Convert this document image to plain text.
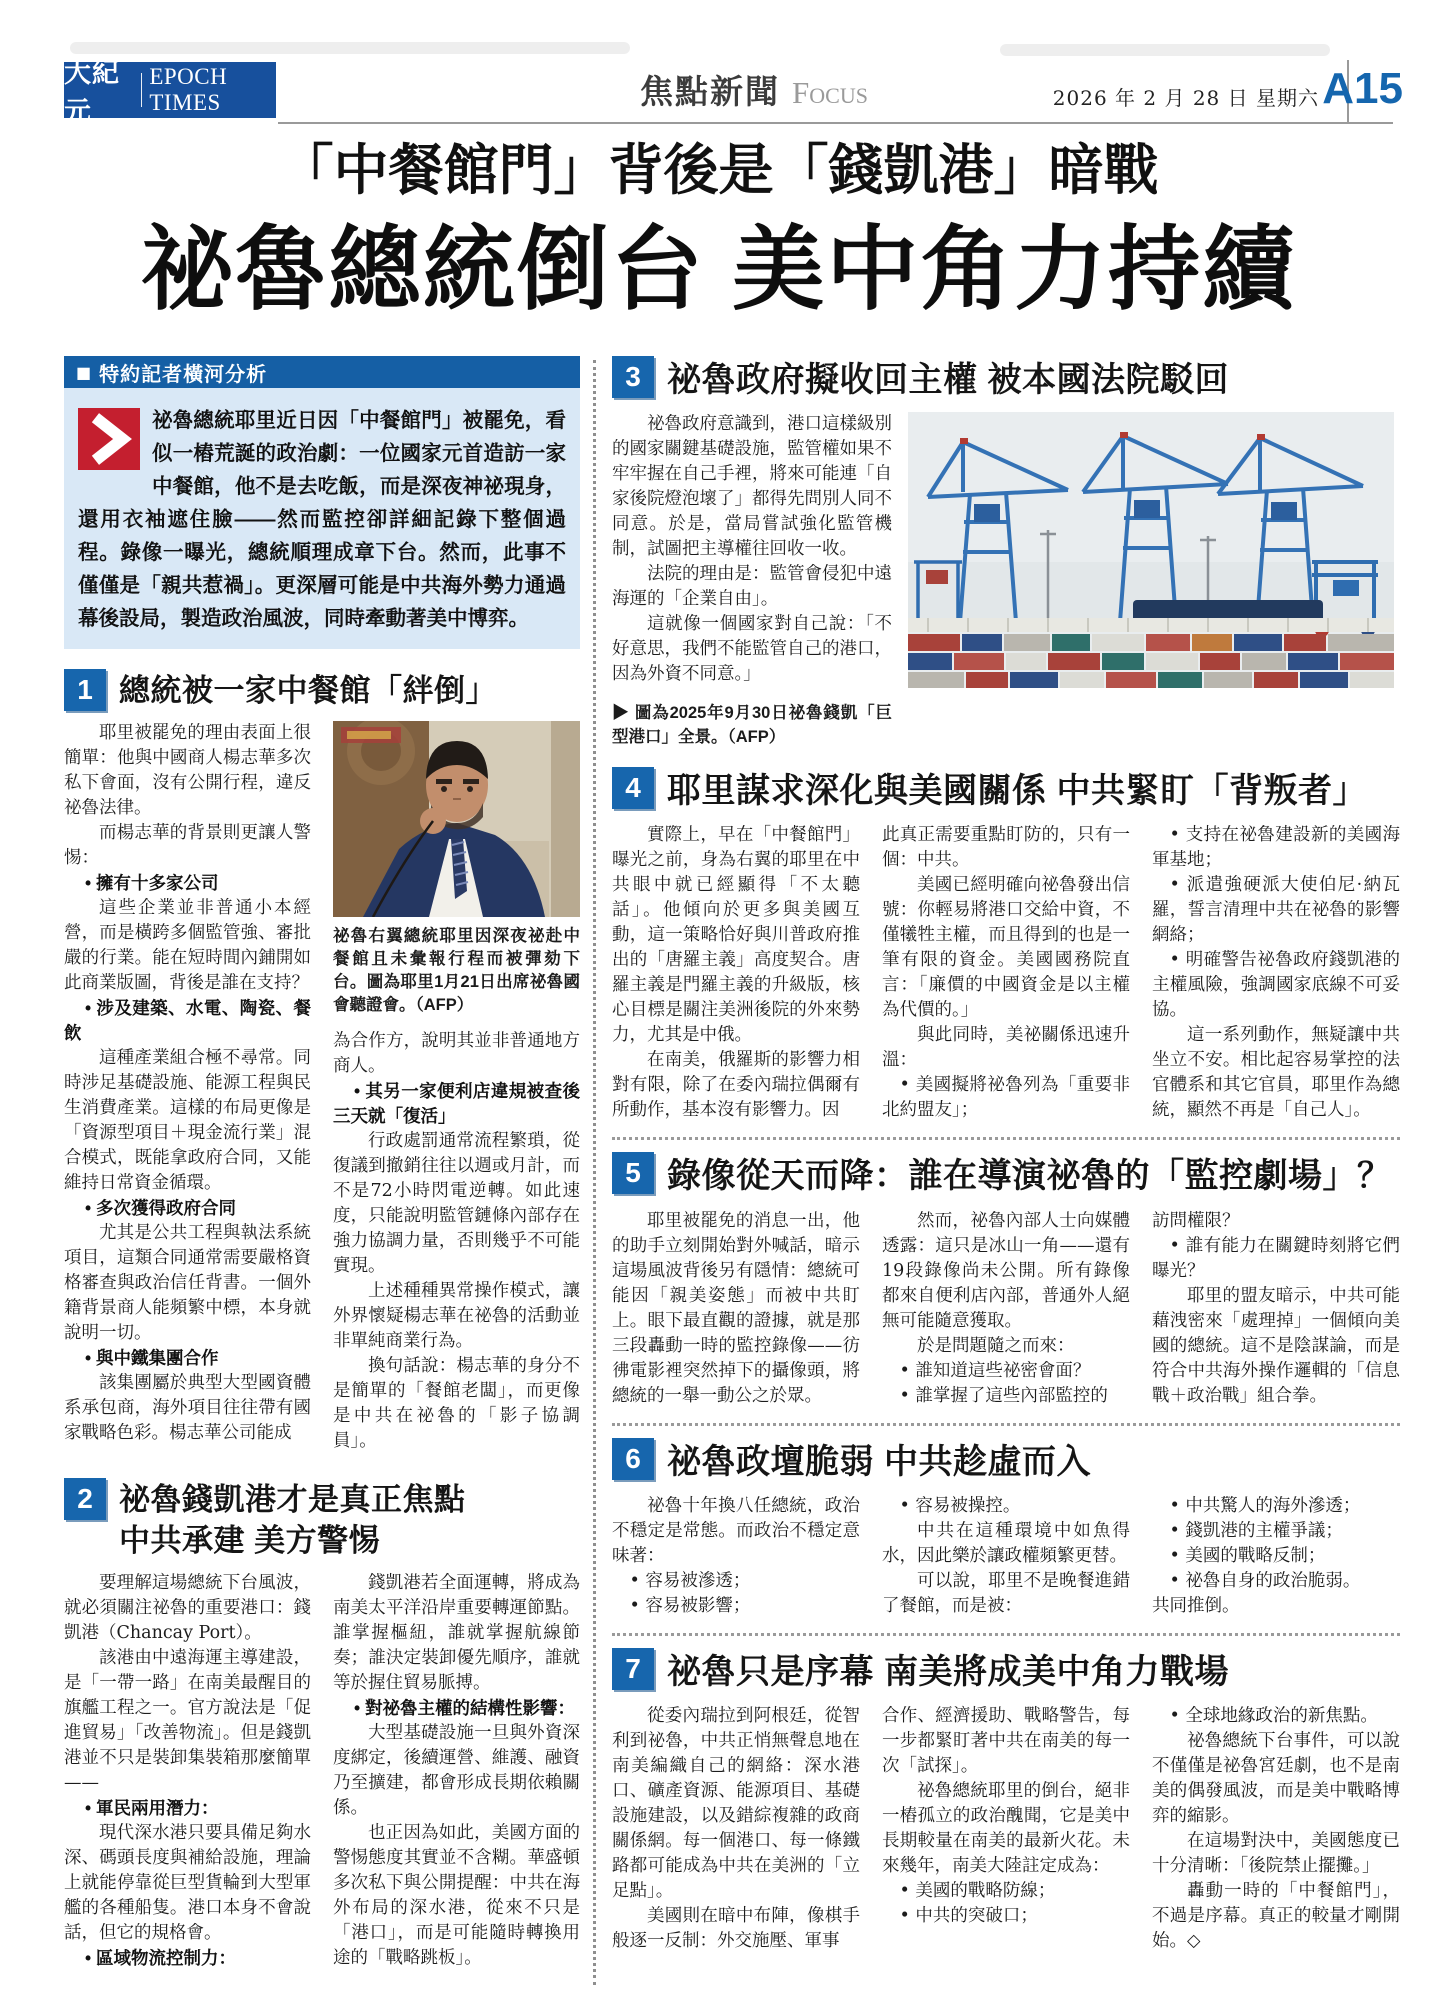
大紀元
EPOCH TIMES	焦點新聞 Focus	2026 年 2 月 28 日 星期六 A15
「中餐館門」背後是「錢凱港」暗戰
祕魯總統倒台 美中角力持續
■ 特約記者橫河分析

祕魯總統耶里近日因「中餐館門」被罷免，看似一樁荒誕的政治劇：一位國家元首造訪一家中餐館，他不是去吃飯，而是深夜神祕現身，還用衣袖遮住臉——然而監控卻詳細記錄下整個過程。錄像一曝光，總統順理成章下台。然而，此事不僅僅是「親共惹禍」。更深層可能是中共海外勢力通過幕後設局，製造政治風波，同時牽動著美中博弈。

1 總統被一家中餐館「絆倒」

耶里被罷免的理由表面上很簡單：他與中國商人楊志華多次私下會面，沒有公開行程，違反祕魯法律。

而楊志華的背景則更讓人警惕：

• 擁有十多家公司

這些企業並非普通小本經營，而是橫跨多個監管強、審批嚴的行業。能在短時間內鋪開如此商業版圖，背後是誰在支持？

• 涉及建築、水電、陶瓷、餐飲

這種產業組合極不尋常。同時涉足基礎設施、能源工程與民生消費產業。這樣的布局更像是「資源型項目＋現金流行業」混合模式，既能拿政府合同，又能維持日常資金循環。

• 多次獲得政府合同

尤其是公共工程與執法系統項目，這類合同通常需要嚴格資格審查與政治信任背書。一個外籍背景商人能頻繁中標，本身就說明一切。

• 與中鐵集團合作

該集團屬於典型大型國資體系承包商，海外項目往往帶有國家戰略色彩。楊志華公司能成

祕魯右翼總統耶里因深夜祕赴中餐館且未彙報行程而被彈劾下台。圖為耶里1月21日出席祕魯國會聽證會。（AFP）

為合作方，說明其並非普通地方商人。

• 其另一家便利店違規被查後三天就「復活」

行政處罰通常流程繁瑣，從復議到撤銷往往以週或月計，而不是72小時閃電逆轉。如此速度，只能說明監管鏈條內部存在強力協調力量，否則幾乎不可能實現。

上述種種異常操作模式，讓外界懷疑楊志華在祕魯的活動並非單純商業行為。

換句話說：楊志華的身分不是簡單的「餐館老闆」，而更像是中共在祕魯的「影子協調員」。

2 祕魯錢凱港才是真正焦點
中共承建 美方警惕

要理解這場總統下台風波，就必須關注祕魯的重要港口：錢凱港（Chancay Port）。

該港由中遠海運主導建設，是「一帶一路」在南美最醒目的旗艦工程之一。官方說法是「促進貿易」「改善物流」。但是錢凱港並不只是裝卸集裝箱那麼簡單——

• 軍民兩用潛力：

現代深水港只要具備足夠水深、碼頭長度與補給設施，理論上就能停靠從巨型貨輪到大型軍艦的各種船隻。港口本身不會說話，但它的規格會。

• 區域物流控制力：

錢凱港若全面運轉，將成為南美太平洋沿岸重要轉運節點。誰掌握樞紐，誰就掌握航線節奏；誰決定裝卸優先順序，誰就等於握住貿易脈搏。

• 對祕魯主權的結構性影響：

大型基礎設施一旦與外資深度綁定，後續運營、維護、融資乃至擴建，都會形成長期依賴關係。

也正因為如此，美國方面的警惕態度其實並不含糊。華盛頓多次私下與公開提醒：中共在海外布局的深水港，從來不只是「港口」，而是可能隨時轉換用途的「戰略跳板」。

3 祕魯政府擬收回主權 被本國法院駁回

祕魯政府意識到，港口這樣級別的國家關鍵基礎設施，監管權如果不牢牢握在自己手裡，將來可能連「自家後院燈泡壞了」都得先問別人同不同意。於是，當局嘗試強化監管機制，試圖把主導權往回收一收。

法院的理由是：監管會侵犯中遠海運的「企業自由」。

這就像一個國家對自己說：「不好意思，我們不能監管自己的港口，因為外資不同意。」

▶ 圖為2025年9月30日祕魯錢凱「巨型港口」全景。（AFP）

4 耶里謀求深化與美國關係 中共緊盯「背叛者」

實際上，早在「中餐館門」曝光之前，身為右翼的耶里在中共眼中就已經顯得「不太聽話」。他傾向於更多與美國互動，這一策略恰好與川普政府推出的「唐羅主義」高度契合。唐羅主義是門羅主義的升級版，核心目標是關注美洲後院的外來勢力，尤其是中俄。

在南美，俄羅斯的影響力相對有限，除了在委內瑞拉偶爾有所動作，基本沒有影響力。因

此真正需要重點盯防的，只有一個：中共。

美國已經明確向祕魯發出信號：你輕易將港口交給中資，不僅犧牲主權，而且得到的也是一筆有限的資金。美國國務院直言：「廉價的中國資金是以主權為代價的。」

與此同時，美祕關係迅速升溫：

• 美國擬將祕魯列為「重要非北約盟友」；

• 支持在祕魯建設新的美國海軍基地；

• 派遣強硬派大使伯尼·納瓦羅，誓言清理中共在祕魯的影響網絡；

• 明確警告祕魯政府錢凱港的主權風險，強調國家底線不可妥協。

這一系列動作，無疑讓中共坐立不安。相比起容易掌控的法官體系和其它官員，耶里作為總統，顯然不再是「自己人」。

5 錄像從天而降：誰在導演祕魯的「監控劇場」？

耶里被罷免的消息一出，他的助手立刻開始對外喊話，暗示這場風波背後另有隱情：總統可能因「親美姿態」而被中共盯上。眼下最直觀的證據，就是那三段轟動一時的監控錄像——彷彿電影裡突然掉下的攝像頭，將總統的一舉一動公之於眾。

然而，祕魯內部人士向媒體透露：這只是冰山一角——還有19段錄像尚未公開。所有錄像都來自便利店內部，普通外人絕無可能隨意獲取。

於是問題隨之而來：

• 誰知道這些祕密會面？

• 誰掌握了這些內部監控的

訪問權限？

• 誰有能力在關鍵時刻將它們曝光？

耶里的盟友暗示，中共可能藉洩密來「處理掉」一個傾向美國的總統。這不是陰謀論，而是符合中共海外操作邏輯的「信息戰＋政治戰」組合拳。

6 祕魯政壇脆弱 中共趁虛而入

祕魯十年換八任總統，政治不穩定是常態。而政治不穩定意味著：

• 容易被滲透；

• 容易被影響；

• 容易被操控。

中共在這種環境中如魚得水，因此樂於讓政權頻繁更替。

可以說，耶里不是晚餐進錯了餐館，而是被：

• 中共驚人的海外滲透；

• 錢凱港的主權爭議；

• 美國的戰略反制；

• 祕魯自身的政治脆弱。

共同推倒。

7 祕魯只是序幕 南美將成美中角力戰場

從委內瑞拉到阿根廷，從智利到祕魯，中共正悄無聲息地在南美編織自己的網絡：深水港口、礦產資源、能源項目、基礎設施建設，以及錯綜複雜的政商關係網。每一個港口、每一條鐵路都可能成為中共在美洲的「立足點」。

美國則在暗中布陣，像棋手般逐一反制：外交施壓、軍事

合作、經濟援助、戰略警告，每一步都緊盯著中共在南美的每一次「試探」。

祕魯總統耶里的倒台，絕非一樁孤立的政治醜聞，它是美中長期較量在南美的最新火花。未來幾年，南美大陸註定成為：

• 美國的戰略防線；

• 中共的突破口；

• 全球地緣政治的新焦點。

祕魯總統下台事件，可以說不僅僅是祕魯宮廷劇，也不是南美的偶發風波，而是美中戰略博弈的縮影。

在這場對決中，美國態度已十分清晰：「後院禁止擺攤。」

轟動一時的「中餐館門」，不過是序幕。真正的較量才剛開始。◇
